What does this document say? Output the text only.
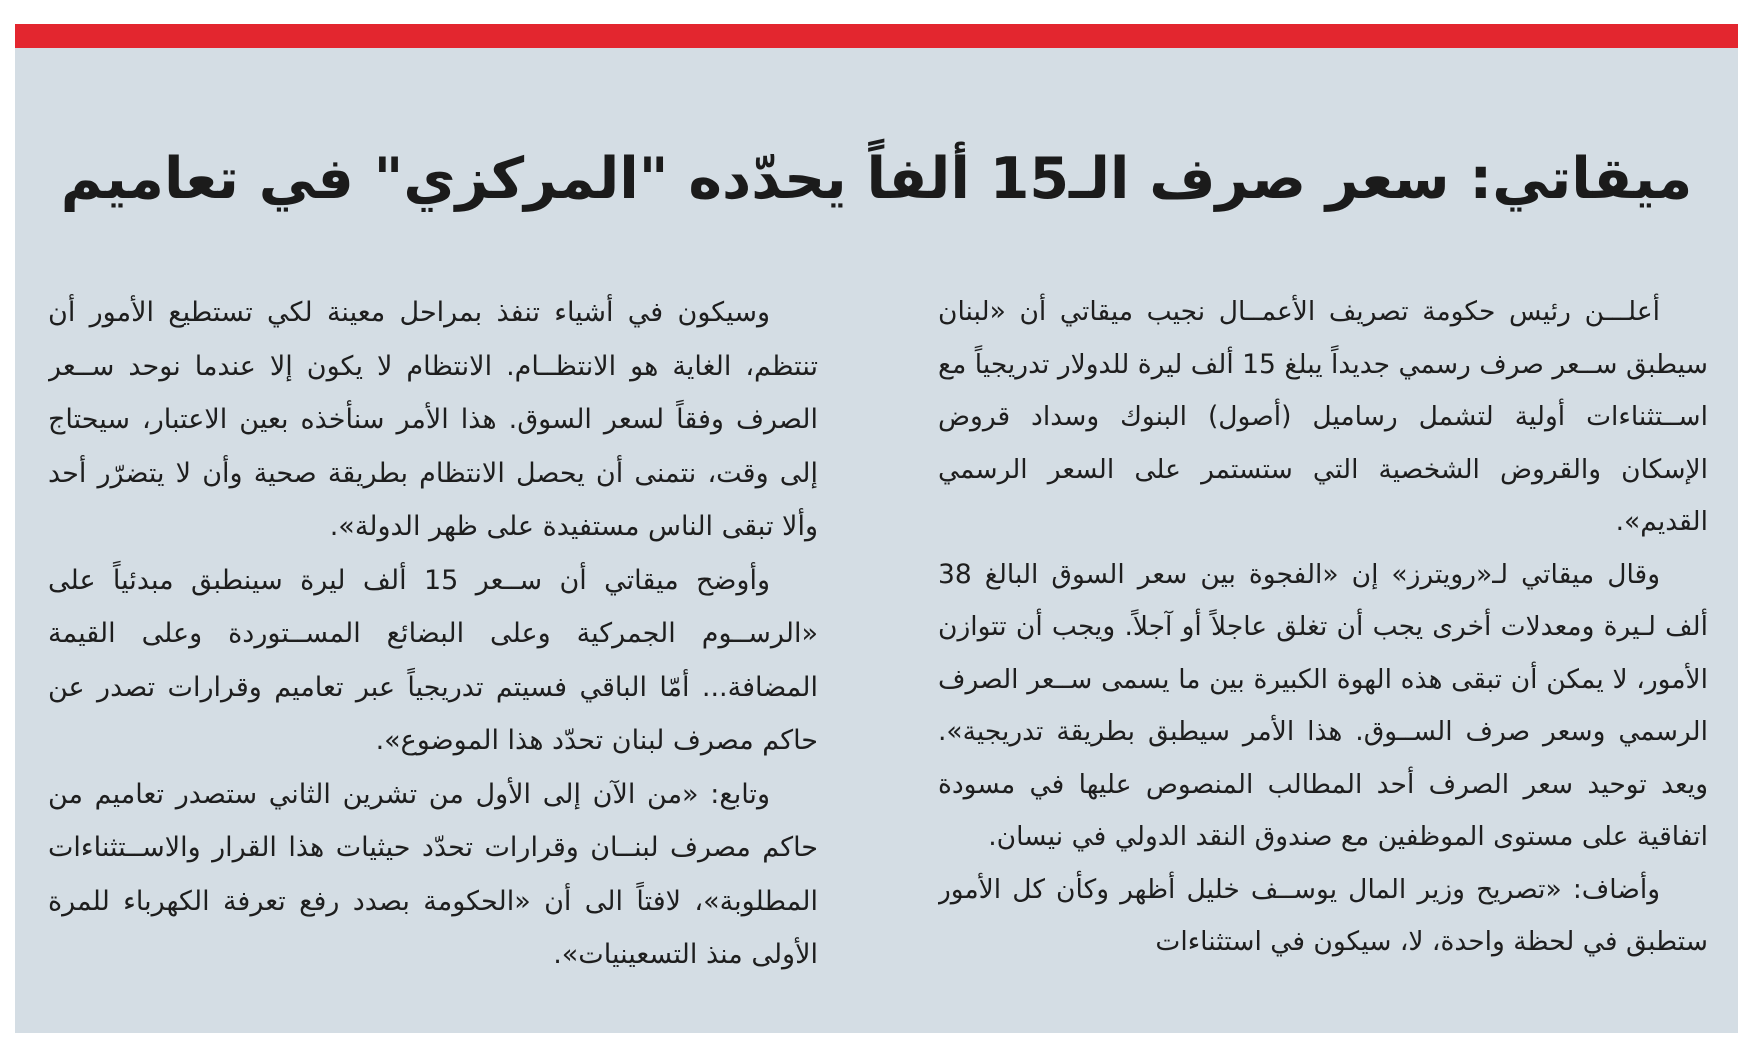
ميقاتي: سعر صرف الـ15 ألفاً يحدّده "المركزي" في تعاميم

أعلـــن رئيس حكومة تصريف الأعمــال نجيب ميقاتي أن «لبنان سيطبق ســعر صرف رسمي جديداً يبلغ 15 ألف ليرة للدولار تدريجياً مع اســتثناءات أولية لتشمل رساميل (أصول) البنوك وسداد قروض الإسكان والقروض الشخصية التي ستستمر على السعر الرسمي القديم».

وقال ميقاتي لـ«رويترز» إن «الفجوة بين سعر السوق البالغ 38 ألف لـيرة ومعدلات أخرى يجب أن تغلق عاجلاً أو آجلاً. ويجب أن تتوازن الأمور، لا يمكن أن تبقى هذه الهوة الكبيرة بين ما يسمى ســعر الصرف الرسمي وسعر صرف الســوق. هذا الأمر سيطبق بطريقة تدريجية». ويعد توحيد سعر الصرف أحد المطالب المنصوص عليها في مسودة اتفاقية على مستوى الموظفين مع صندوق النقد الدولي في نيسان.

وأضاف: «تصريح وزير المال يوســف خليل أظهر وكأن كل الأمور ستطبق في لحظة واحدة، لا، سيكون في استثناءات

وسيكون في أشياء تنفذ بمراحل معينة لكي تستطيع الأمور أن تنتظم، الغاية هو الانتظــام. الانتظام لا يكون إلا عندما نوحد ســعر الصرف وفقاً لسعر السوق. هذا الأمر سنأخذه بعين الاعتبار، سيحتاج إلى وقت، نتمنى أن يحصل الانتظام بطريقة صحية وأن لا يتضرّر أحد وألا تبقى الناس مستفيدة على ظهر الدولة».

وأوضح ميقاتي أن ســعر 15 ألف ليرة سينطبق مبدئياً على «الرســوم الجمركية وعلى البضائع المســتوردة وعلى القيمة المضافة... أمّا الباقي فسيتم تدريجياً عبر تعاميم وقرارات تصدر عن حاكم مصرف لبنان تحدّد هذا الموضوع».

وتابع: «من الآن إلى الأول من تشرين الثاني ستصدر تعاميم من حاكم مصرف لبنــان وقرارات تحدّد حيثيات هذا القرار والاســتثناءات المطلوبة»، لافتاً الى أن «الحكومة بصدد رفع تعرفة الكهرباء للمرة الأولى منذ التسعينيات».
